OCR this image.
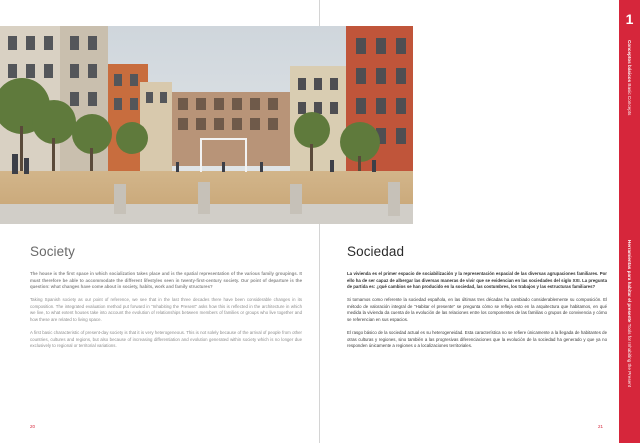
Society

The house is the first space in which socialization takes place and is the spatial representation of the various family groupings. It must therefore be able to accommodate the different lifestyles seen in twenty-first-century society. Our point of departure is the question: what changes have come about in society, habits, work and family structures?

Taking Spanish society as our point of reference, we see that in the last three decades there have been considerable changes in its composition. The integrated evaluation method put forward in “Inhabiting the Present” asks how this is reflected in the architecture in which we live, to what extent houses take into account the evolution of relationships between members of families or groups who live together and how these are related to living space.

A first basic characteristic of present-day society is that it is very heterogeneous. This is not solely because of the arrival of people from other countries, cultures and regions, but also because of increasing differentiation and evolution generated within society which is no longer due exclusively to regional or territorial variations.

20
Sociedad

La vivienda es el primer espacio de sociabilización y la representación espacial de las diversas agrupaciones familiares. Por ello ha de ser capaz de albergar las diversas maneras de vivir que se evidencian en las sociedades del siglo XXI. La pregunta de partida es: ¿qué cambios se han producido en la sociedad, las costumbres, los trabajos y las estructuras familiares?

Si tomamos como referente la sociedad española, en las últimas tres décadas ha cambiado considerablemente su composición. El método de valoración integral de “Habitar el presente” se pregunta cómo se refleja esto en la arquitectura que habitamos, en qué medida la vivienda da cuenta de la evolución de las relaciones entre los componentes de las familias o grupos de convivencia y cómo se referencian en sus espacios.

El rasgo básico de la sociedad actual es su heterogeneidad. Esta característica no se refiere únicamente a la llegada de habitantes de otras culturas y regiones, sino también a las progresivas diferenciaciones que la evolución de la sociedad ha generado y que ya no responden únicamente a regiones o a localizaciones territoriales.

21
1
Conceptos básicos Basic Concepts
Herramientas para habitar el presente Tools for Inhabiting the Present
